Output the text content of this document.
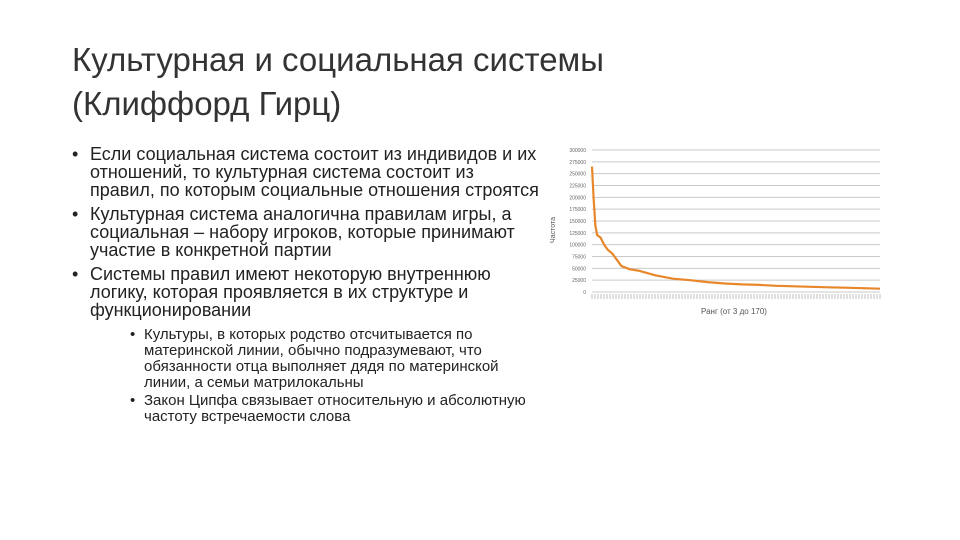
Культурная и социальная системы
(Клиффорд Гирц)
• Если социальная система состоит из индивидов и их отношений, то культурная система состоит из правил, по которым социальные отношения строятся
• Культурная система аналогична правилам игры, а социальная – набору игроков, которые принимают участие в конкретной партии
• Системы правил имеют некоторую внутреннюю логику, которая проявляется в их структуре и функционировании
• Культуры, в которых родство отсчитывается по материнской линии, обычно подразумевают, что обязанности отца выполняет дядя по материнской линии, а семьи матрилокальны
• Закон Ципфа связывает относительную и абсолютную частоту встречаемости слова
300000
275000
250000
225000
200000
175000
150000
125000
100000
75000
50000
25000
0
Частота
Ранг (от 3 до 170)
